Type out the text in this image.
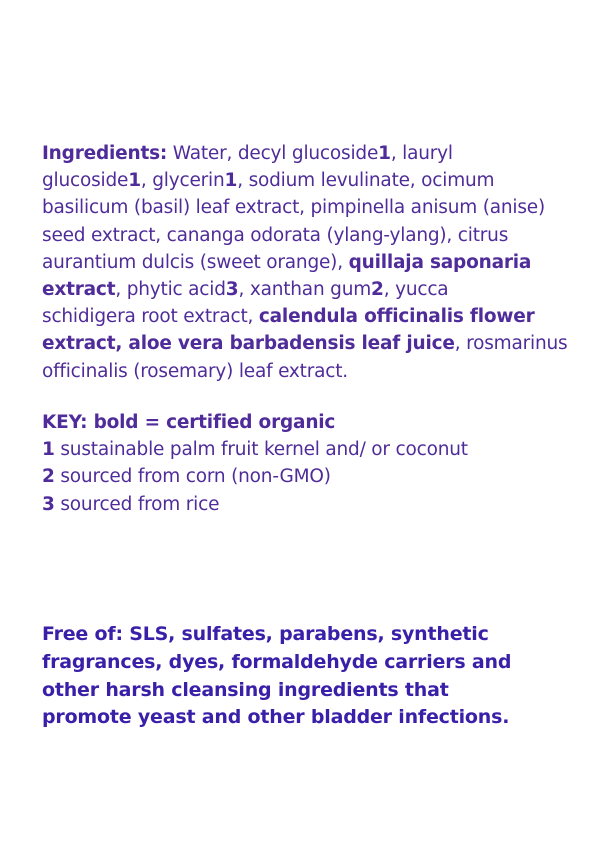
Ingredients: Water, decyl glucoside1, lauryl
glucoside1, glycerin1, sodium levulinate, ocimum
basilicum (basil) leaf extract, pimpinella anisum (anise)
seed extract, cananga odorata (ylang-ylang), citrus
aurantium dulcis (sweet orange), quillaja saponaria
extract, phytic acid3, xanthan gum2, yucca
schidigera root extract, calendula officinalis flower
extract, aloe vera barbadensis leaf juice, rosmarinus
officinalis (rosemary) leaf extract.
KEY: bold = certified organic
1 sustainable palm fruit kernel and/ or coconut
2 sourced from corn (non-GMO)
3 sourced from rice
Free of: SLS, sulfates, parabens, synthetic
fragrances, dyes, formaldehyde carriers and
other harsh cleansing ingredients that
promote yeast and other bladder infections.
